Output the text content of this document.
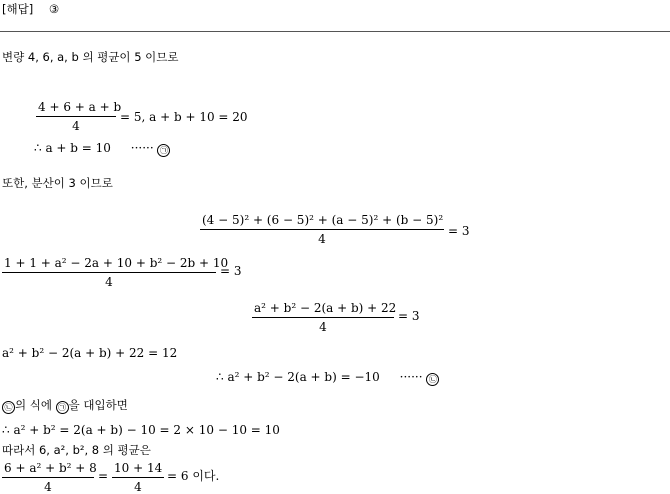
[해답] ③
변량 4, 6, a, b 의 평균이 5 이므로
$\frac{4 + 6 + a + b}{4} = 5$, a + b + 10 = 20
∴ a + b = 10 ······ ㉠
또한, 분산이 3 이므로
$\frac{\text{(4 − 5)² + (6 − 5)² + (a − 5)² + (b − 5)²}}{4} = 3$
$\frac{\text{1 + 1 + a² − 2a + 10 + b² − 2b + 10}}{4} = 3$
$\frac{\text{a² + b² − 2(a + b) + 22}}{4} = 3$
a² + b² − 2(a + b) + 22 = 12
∴ a² + b² − 2(a + b) = −10 ······ ㉡
㉡ 의 식에 ㉠ 을 대입하면
∴ a² + b² = 2(a + b) − 10 = 2 × 10 − 10 = 10
따라서 6, a², b², 8 의 평균은
$\frac{\text{6 + a² + b² + 8}}{4} = \frac{10 + 14}{4} = 6$ 이다.
